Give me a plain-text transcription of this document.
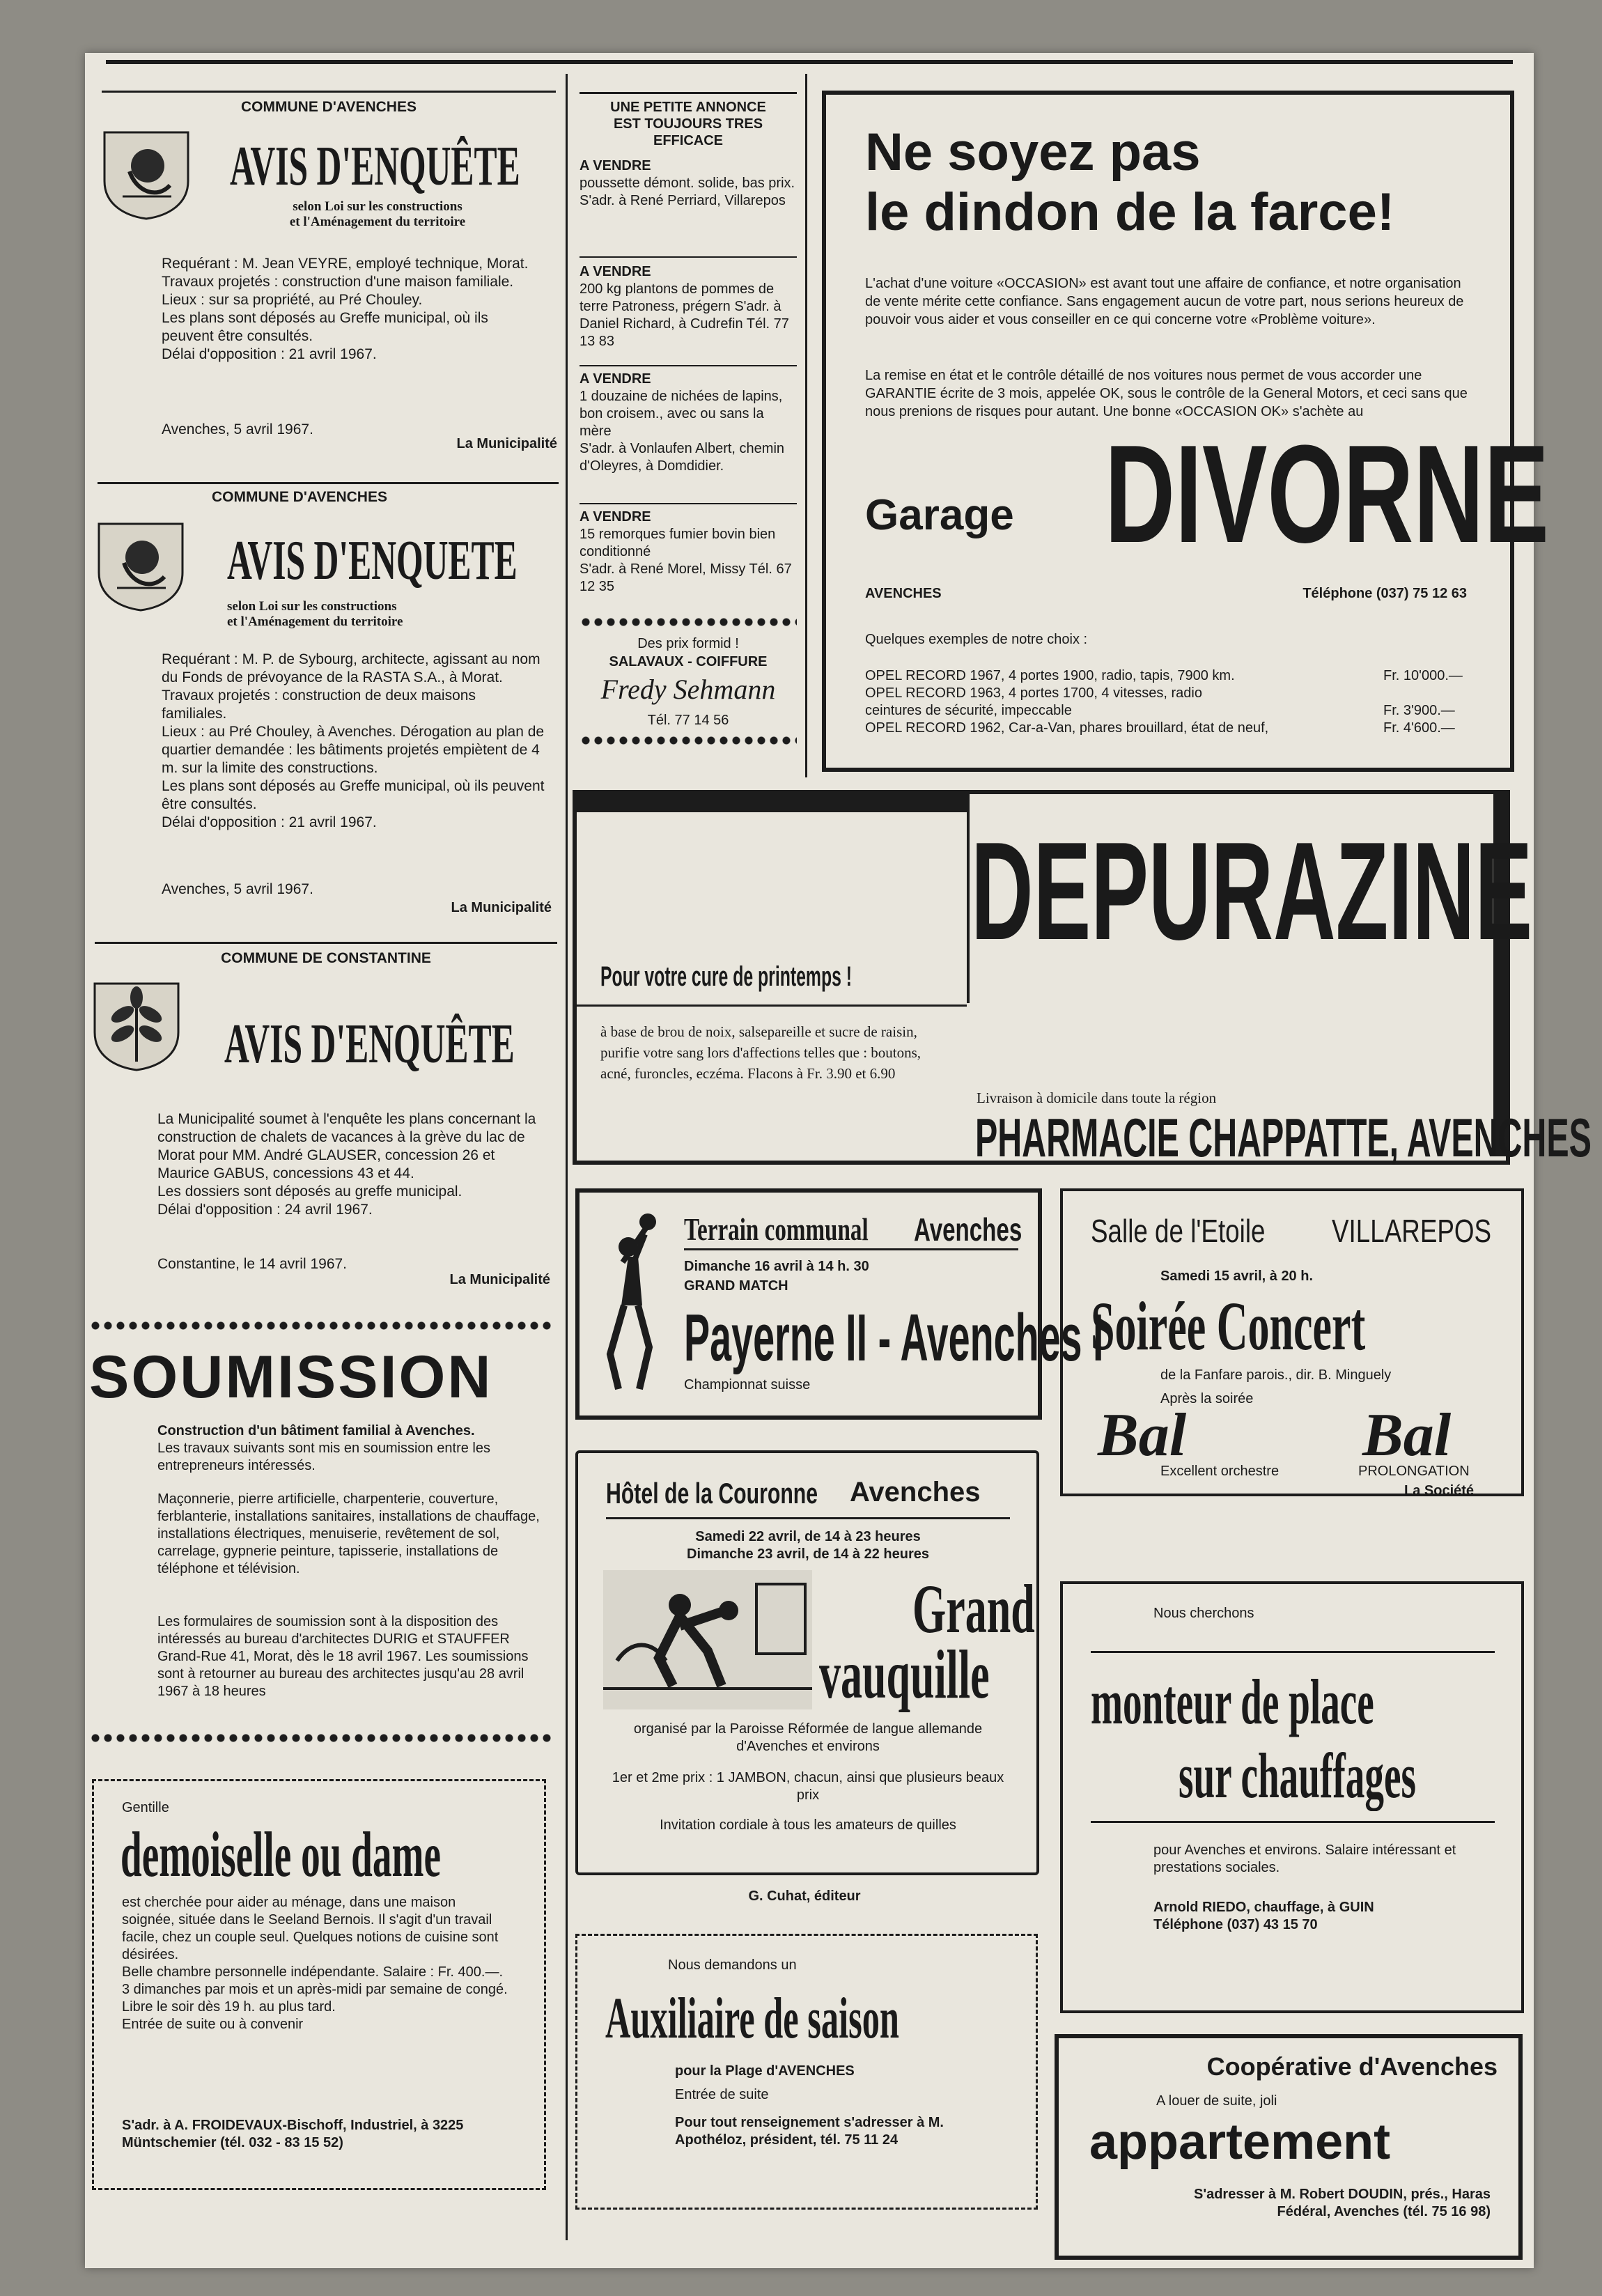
COMMUNE D'AVENCHES
AVIS D'ENQUÊTE
selon Loi sur les constructions
et l'Aménagement du territoire
Requérant : M. Jean VEYRE, employé technique, Morat.
Travaux projetés : construction d'une maison familiale.
Lieux : sur sa propriété, au Pré Chouley.
Les plans sont déposés au Greffe municipal, où ils peuvent être consultés.
Délai d'opposition : 21 avril 1967.
Avenches, 5 avril 1967.
La Municipalité
COMMUNE D'AVENCHES
AVIS D'ENQUETE
selon Loi sur les constructions
et l'Aménagement du territoire
Requérant : M. P. de Sybourg, architecte, agissant au nom du Fonds de prévoyance de la RASTA S.A., à Morat.
Travaux projetés : construction de deux maisons familiales.
Lieux : au Pré Chouley, à Avenches. Dérogation au plan de quartier demandée : les bâtiments projetés empiètent de 4 m. sur la limite des constructions.
Les plans sont déposés au Greffe municipal, où ils peuvent être consultés.
Délai d'opposition : 21 avril 1967.
Avenches, 5 avril 1967.
La Municipalité
COMMUNE DE CONSTANTINE
AVIS D'ENQUÊTE
La Municipalité soumet à l'enquête les plans concernant la construction de chalets de vacances à la grève du lac de Morat pour MM. André GLAUSER, concession 26 et Maurice GABUS, concessions 43 et 44.
Les dossiers sont déposés au greffe municipal.
Délai d'opposition : 24 avril 1967.
Constantine, le 14 avril 1967.
La Municipalité
SOUMISSION
Construction d'un bâtiment familial à Avenches.
Les travaux suivants sont mis en soumission entre les entrepreneurs intéressés.
Maçonnerie, pierre artificielle, charpenterie, couverture, ferblanterie, installations sanitaires, installations de chauffage, installations électriques, menuiserie, revêtement de sol, carrelage, gypnerie peinture, tapisserie, installations de téléphone et télévision.
Les formulaires de soumission sont à la disposition des intéressés au bureau d'architectes DURIG et STAUFFER Grand-Rue 41, Morat, dès le 18 avril 1967. Les soumissions sont à retourner au bureau des architectes jusqu'au 28 avril 1967 à 18 heures
Gentille
demoiselle ou dame
est cherchée pour aider au ménage, dans une maison soignée, située dans le Seeland Bernois. Il s'agit d'un travail facile, chez un couple seul. Quelques notions de cuisine sont désirées.
Belle chambre personnelle indépendante. Salaire : Fr. 400.—. 3 dimanches par mois et un après-midi par semaine de congé. Libre le soir dès 19 h. au plus tard.
Entrée de suite ou à convenir
S'adr. à A. FROIDEVAUX-Bischoff, Industriel, à 3225 Müntschemier (tél. 032 - 83 15 52)
UNE PETITE ANNONCE
EST TOUJOURS TRES
EFFICACE
A VENDRE
poussette démont. solide, bas prix.
S'adr. à René Perriard, Villarepos
A VENDRE
200 kg plantons de pommes de terre Patroness, prégern S'adr. à Daniel Richard, à Cudrefin Tél. 77 13 83
A VENDRE
1 douzaine de nichées de lapins, bon croisem., avec ou sans la mère
S'adr. à Vonlaufen Albert, chemin d'Oleyres, à Domdidier.
A VENDRE
15 remorques fumier bovin bien conditionné
S'adr. à René Morel, Missy Tél. 67 12 35
Des prix formid !
SALAVAUX - COIFFURE
Fredy Sehmann
Tél. 77 14 56
Ne soyez pas
le dindon de la farce!
L'achat d'une voiture «OCCASION» est avant tout une affaire de confiance, et notre organisation de vente mérite cette confiance. Sans engagement aucun de votre part, nous serions heureux de pouvoir vous aider et vous conseiller en ce qui concerne votre «Problème voiture».
La remise en état et le contrôle détaillé de nos voitures nous permet de vous accorder une GARANTIE écrite de 3 mois, appelée OK, sous le contrôle de la General Motors, et ceci sans que nous prenions de risques pour autant. Une bonne «OCCASION OK» s'achète au
Garage DIVORNE
AVENCHES	Téléphone (037) 75 12 63
Quelques exemples de notre choix :
OPEL RECORD 1967, 4 portes 1900, radio, tapis, 7900 km.	Fr. 10'000.—
OPEL RECORD 1963, 4 portes 1700, 4 vitesses, radio
ceintures de sécurité, impeccable	Fr. 3'900.—
OPEL RECORD 1962, Car-a-Van, phares brouillard, état de neuf,	Fr. 4'600.—
Pour votre cure de printemps !
à base de brou de noix, salsepareille et sucre de raisin, purifie votre sang lors d'affections telles que : boutons, acné, furoncles, eczéma. Flacons à Fr. 3.90 et 6.90
DEPURAZINE
Livraison à domicile dans toute la région
PHARMACIE CHAPPATTE, AVENCHES
Terrain communal Avenches
Dimanche 16 avril à 14 h. 30
GRAND MATCH
Payerne II - Avenches I
Championnat suisse
Salle de l'Etoile VILLAREPOS
Samedi 15 avril, à 20 h.
Soirée Concert
de la Fanfare parois., dir. B. Minguely
Après la soirée
Bal	Bal
Excellent orchestre	PROLONGATION
La Société
Hôtel de la Couronne Avenches
Samedi 22 avril, de 14 à 23 heures
Dimanche 23 avril, de 14 à 22 heures
Grand
vauquille
organisé par la Paroisse Réformée de langue allemande d'Avenches et environs
1er et 2me prix : 1 JAMBON, chacun, ainsi que plusieurs beaux prix
Invitation cordiale à tous les amateurs de quilles
Nous cherchons
monteur de place
sur chauffages
pour Avenches et environs. Salaire intéressant et prestations sociales.
Arnold RIEDO, chauffage, à GUIN
Téléphone (037) 43 15 70
G. Cuhat, éditeur
Nous demandons un
Auxiliaire de saison
pour la Plage d'AVENCHES
Entrée de suite
Pour tout renseignement s'adresser à M. Apothéloz, président, tél. 75 11 24
Coopérative d'Avenches
A louer de suite, joli
appartement
S'adresser à M. Robert DOUDIN, prés., Haras Fédéral, Avenches (tél. 75 16 98)
